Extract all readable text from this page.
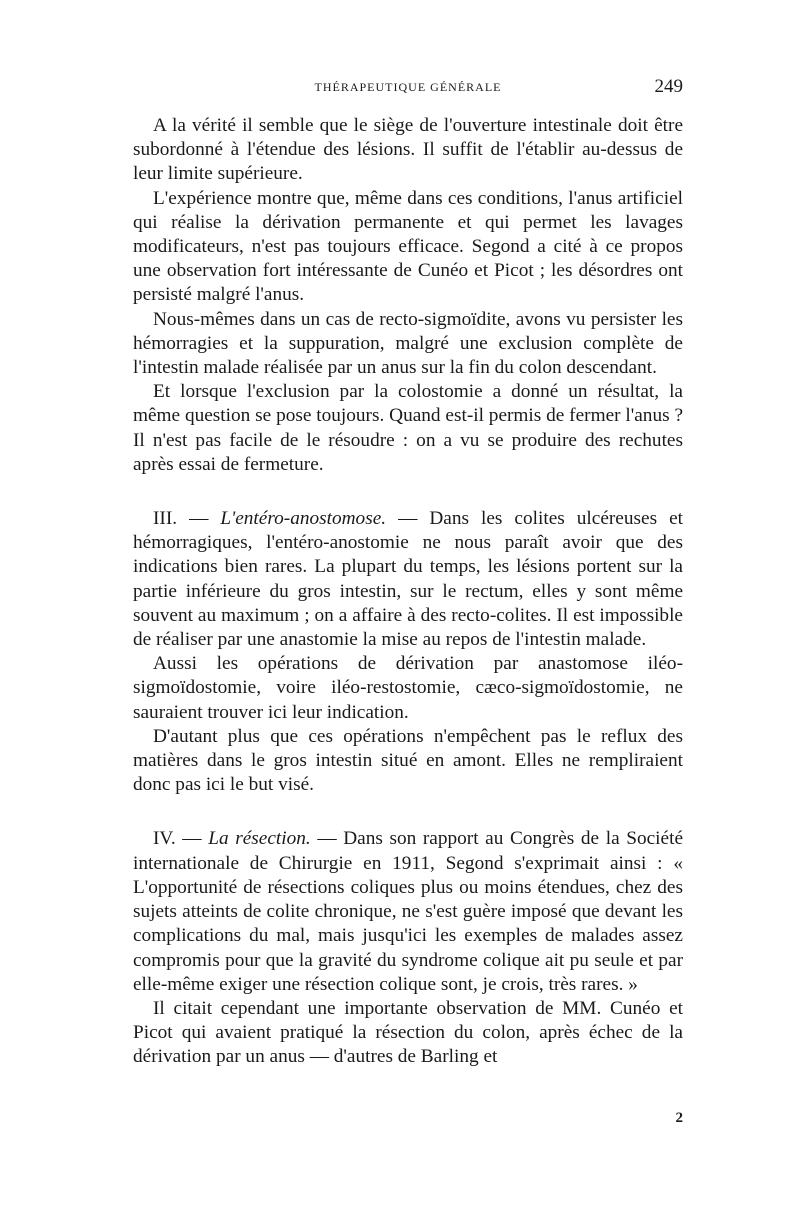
THÉRAPEUTIQUE GÉNÉRALE	249

A la vérité il semble que le siège de l'ouverture intestinale doit être subordonné à l'étendue des lésions. Il suffit de l'établir au-dessus de leur limite supérieure.

L'expérience montre que, même dans ces conditions, l'anus artificiel qui réalise la dérivation permanente et qui permet les lavages modificateurs, n'est pas toujours efficace. Segond a cité à ce propos une observation fort intéressante de Cunéo et Picot ; les désordres ont persisté malgré l'anus.

Nous-mêmes dans un cas de recto-sigmoïdite, avons vu persister les hémorragies et la suppuration, malgré une exclusion complète de l'intestin malade réalisée par un anus sur la fin du colon descendant.

Et lorsque l'exclusion par la colostomie a donné un résultat, la même question se pose toujours. Quand est-il permis de fermer l'anus ? Il n'est pas facile de le résoudre : on a vu se produire des rechutes après essai de fermeture.

III. — L'entéro-anostomose. — Dans les colites ulcéreuses et hémorragiques, l'entéro-anostomie ne nous paraît avoir que des indications bien rares. La plupart du temps, les lésions portent sur la partie inférieure du gros intestin, sur le rectum, elles y sont même souvent au maximum ; on a affaire à des recto-colites. Il est impossible de réaliser par une anastomie la mise au repos de l'intestin malade.

Aussi les opérations de dérivation par anastomose iléo-sigmoïdostomie, voire iléo-restostomie, cæco-sigmoïdostomie, ne sauraient trouver ici leur indication.

D'autant plus que ces opérations n'empêchent pas le reflux des matières dans le gros intestin situé en amont. Elles ne rempliraient donc pas ici le but visé.

IV. — La résection. — Dans son rapport au Congrès de la Société internationale de Chirurgie en 1911, Segond s'exprimait ainsi : « L'opportunité de résections coliques plus ou moins étendues, chez des sujets atteints de colite chronique, ne s'est guère imposé que devant les complications du mal, mais jusqu'ici les exemples de malades assez compromis pour que la gravité du syndrome colique ait pu seule et par elle-même exiger une résection colique sont, je crois, très rares. »

Il citait cependant une importante observation de MM. Cunéo et Picot qui avaient pratiqué la résection du colon, après échec de la dérivation par un anus — d'autres de Barling et

2
